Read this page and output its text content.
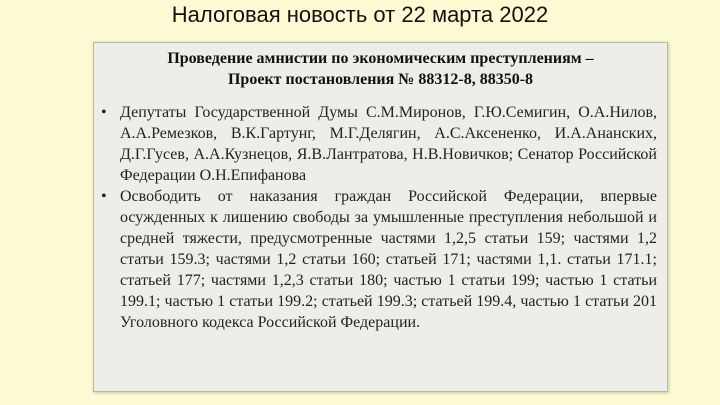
Налоговая новость от 22 марта 2022
Проведение амнистии по экономическим преступлениям –
Проект постановления № 88312-8, 88350-8
• Депутаты Государственной Думы С.М.Миронов, Г.Ю.Семигин, О.А.Нилов, А.А.Ремезков, В.К.Гартунг, М.Г.Делягин, А.С.Аксененко, И.А.Ананских, Д.Г.Гусев, А.А.Кузнецов, Я.В.Лантратова, Н.В.Новичков; Сенатор Российской Федерации О.Н.Епифанова
• Освободить от наказания граждан Российской Федерации, впервые осужденных к лишению свободы за умышленные преступления небольшой и средней тяжести, предусмотренные частями 1,2,5 статьи 159; частями 1,2 статьи 159.3; частями 1,2 статьи 160; статьей 171; частями 1,1. статьи 171.1; статьей 177; частями 1,2,3 статьи 180; частью 1 статьи 199; частью 1 статьи 199.1; частью 1 статьи 199.2; статьей 199.3; статьей 199.4, частью 1 статьи 201 Уголовного кодекса Российской Федерации.
